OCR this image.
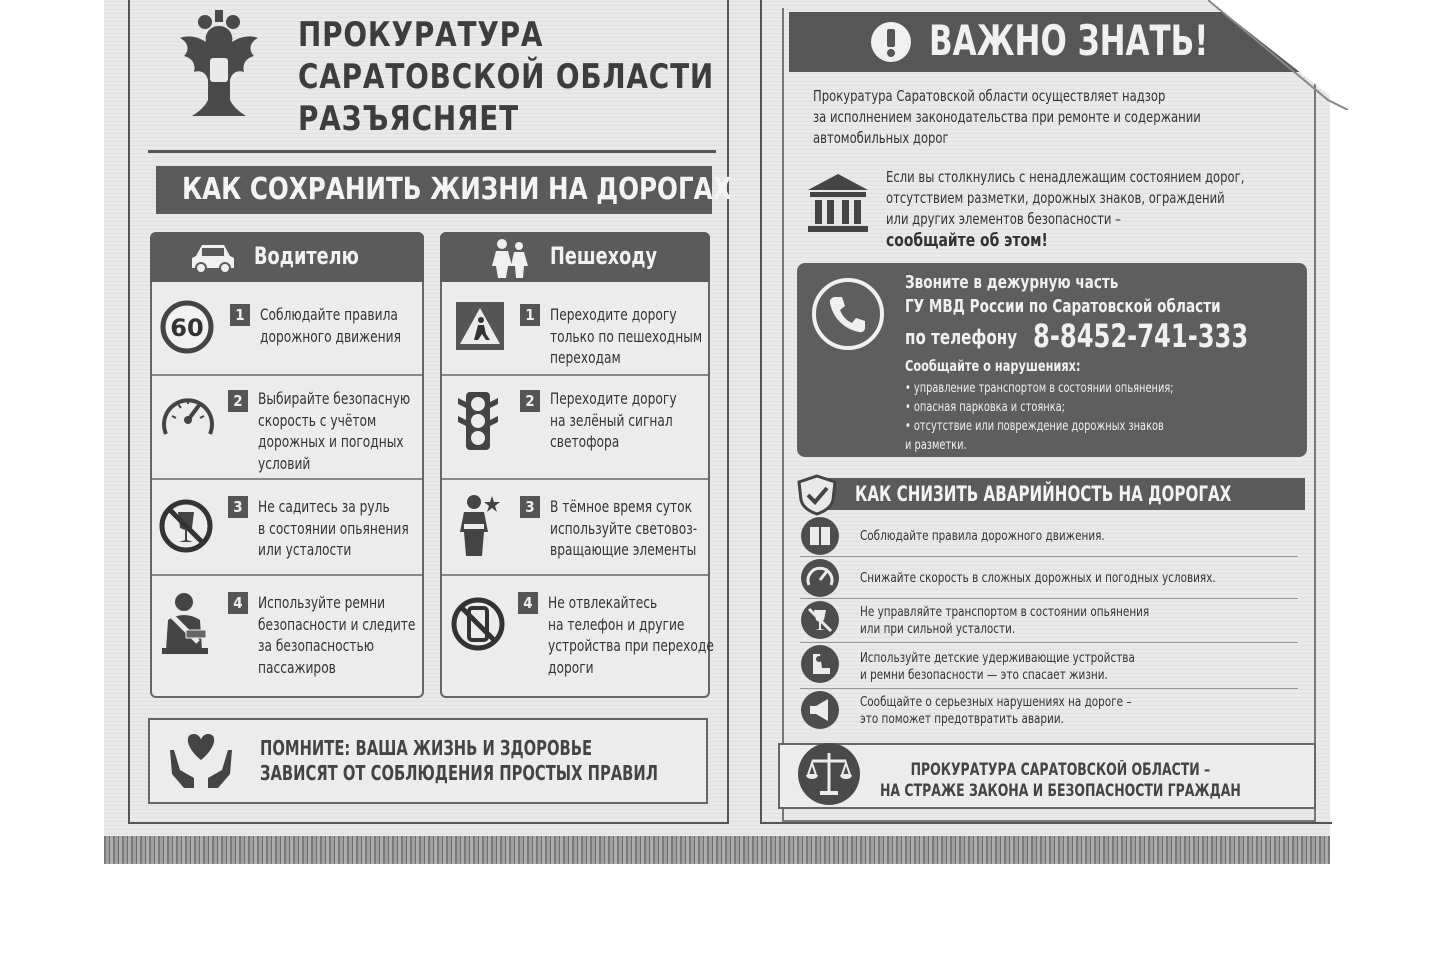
ПРОКУРАТУРА
САРАТОВСКОЙ ОБЛАСТИ
РАЗЪЯСНЯЕТ
КАК СОХРАНИТЬ ЖИЗНИ НА ДОРОГАХ
Водителю
60	1 Соблюдайте правила
дорожного движения
2 Выбирайте безопасную
скорость с учётом
дорожных и погодных
условий
3 Не садитесь за руль
в состоянии опьянения
или усталости
4 Используйте ремни
безопасности и следите
за безопасностью
пассажиров
Пешеходу
1 Переходите дорогу
только по пешеходным
переходам
2 Переходите дорогу
на зелёный сигнал
светофора
3 В тёмное время суток
используйте световоз-
вращающие элементы
4 Не отвлекайтесь
на телефон и другие
устройства при переходе
дороги
ПОМНИТЕ: ВАША ЖИЗНЬ И ЗДОРОВЬЕ
ЗАВИСЯТ ОТ СОБЛЮДЕНИЯ ПРОСТЫХ ПРАВИЛ
ВАЖНО ЗНАТЬ!
Прокуратура Саратовской области осуществляет надзор
за исполнением законодательства при ремонте и содержании
автомобильных дорог
Если вы столкнулись с ненадлежащим состоянием дорог,
отсутствием разметки, дорожных знаков, ограждений
или других элементов безопасности –
сообщайте об этом!
Звоните в дежурную часть
ГУ МВД России по Саратовской области
по телефону 8-8452-741-333
Сообщайте о нарушениях:
• управление транспортом в состоянии опьянения;
• опасная парковка и стоянка;
• отсутствие или повреждение дорожных знаков
и разметки.
КАК СНИЗИТЬ АВАРИЙНОСТЬ НА ДОРОГАХ
Соблюдайте правила дорожного движения.
Снижайте скорость в сложных дорожных и погодных условиях.
Не управляйте транспортом в состоянии опьянения
или при сильной усталости.
Используйте детские удерживающие устройства
и ремни безопасности — это спасает жизни.
Сообщайте о серьезных нарушениях на дороге –
это поможет предотвратить аварии.
ПРОКУРАТУРА САРАТОВСКОЙ ОБЛАСТИ –
НА СТРАЖЕ ЗАКОНА И БЕЗОПАСНОСТИ ГРАЖДАН
